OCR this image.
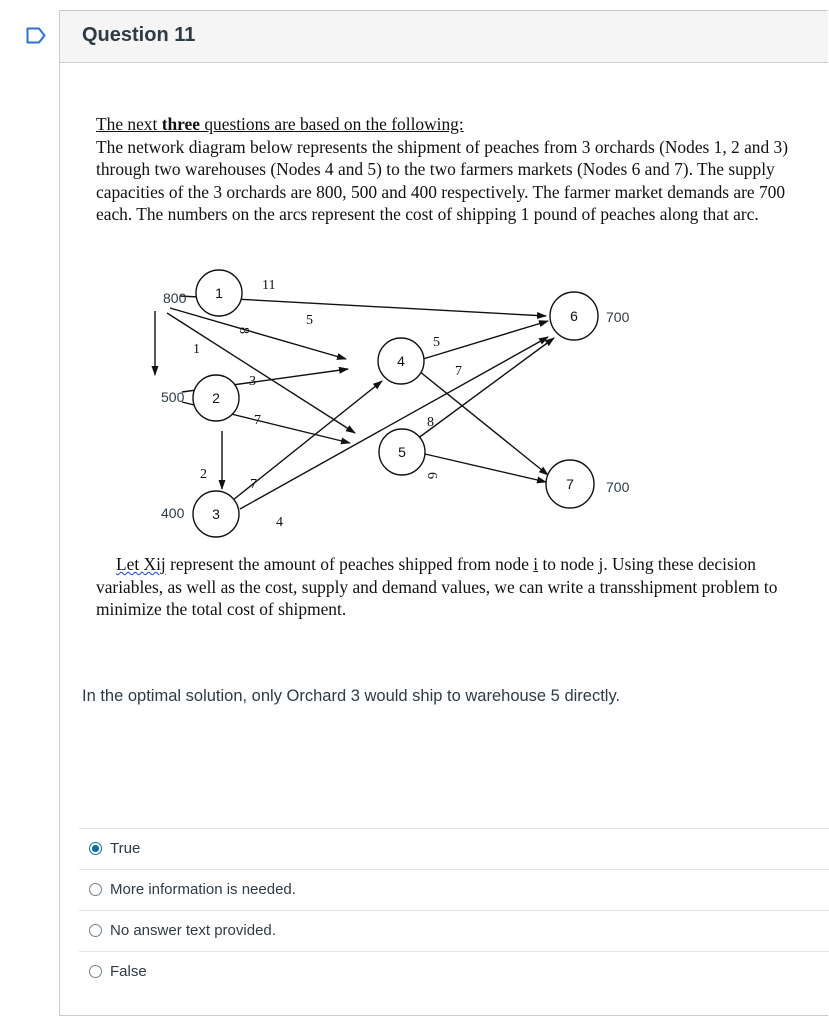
Question 11
The next three questions are based on the following:
The network diagram below represents the shipment of peaches from 3 orchards (Nodes 1, 2 and 3) through two warehouses (Nodes 4 and 5) to the two farmers markets (Nodes 6 and 7). The supply capacities of the 3 orchards are 800, 500 and 400 respectively. The farmer market demands are 700 each. The numbers on the arcs represent the cost of shipping 1 pound of peaches along that arc.
1
2
3
4
5
6
7
800
500
400
700
700
1
11
8
5
3
7
2
7
4
5
7
8
6
Let Xij represent the amount of peaches shipped from node i to node j. Using these decision variables, as well as the cost, supply and demand values, we can write a transshipment problem to minimize the total cost of shipment.
In the optimal solution, only Orchard 3 would ship to warehouse 5 directly.
True
More information is needed.
No answer text provided.
False
